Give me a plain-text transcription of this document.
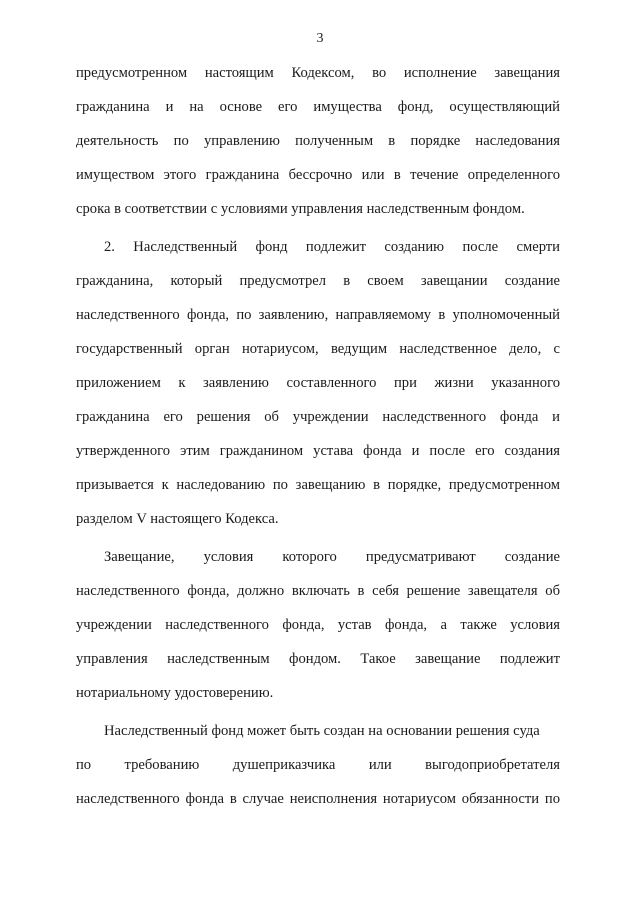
3
предусмотренном настоящим Кодексом, во исполнение завещания
гражданина и на основе его имущества фонд, осуществляющий
деятельность по управлению полученным в порядке наследования
имуществом этого гражданина бессрочно или в течение определенного
срока в соответствии с условиями управления наследственным фондом.
2. Наследственный фонд подлежит созданию после смерти
гражданина, который предусмотрел в своем завещании создание
наследственного фонда, по заявлению, направляемому в уполномоченный
государственный орган нотариусом, ведущим наследственное дело, с
приложением к заявлению составленного при жизни указанного
гражданина его решения об учреждении наследственного фонда и
утвержденного этим гражданином устава фонда и после его создания
призывается к наследованию по завещанию в порядке, предусмотренном
разделом V настоящего Кодекса.
Завещание, условия которого предусматривают создание
наследственного фонда, должно включать в себя решение завещателя об
учреждении наследственного фонда, устав фонда, а также условия
управления наследственным фондом. Такое завещание подлежит
нотариальному удостоверению.
Наследственный фонд может быть создан на основании решения суда
по требованию душеприказчика или выгодоприобретателя
наследственного фонда в случае неисполнения нотариусом обязанности по
